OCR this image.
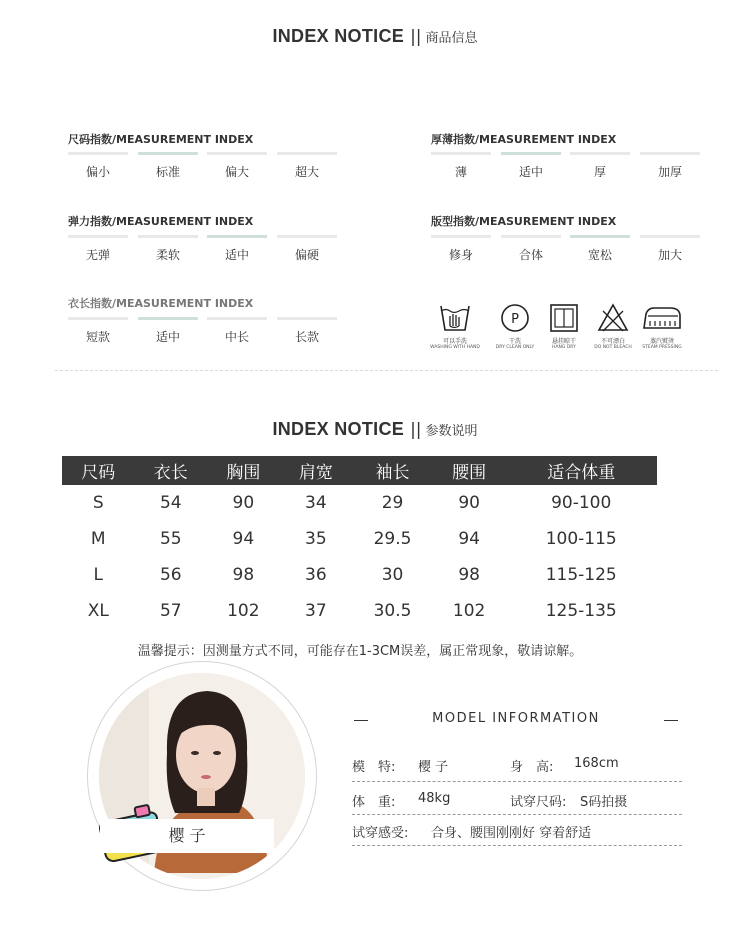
INDEX NOTICE || 商品信息
尺码指数/MEASUREMENT INDEX
偏小	标准	偏大	超大
弹力指数/MEASUREMENT INDEX
无弹	柔软	适中	偏硬
衣长指数/MEASUREMENT INDEX
短款	适中	中长	长款
厚薄指数/MEASUREMENT INDEX
薄	适中	厚	加厚
版型指数/MEASUREMENT INDEX
修身	合体	宽松	加大
可以手洗
WASHING WITH HAND
P
干洗
DRY CLEAN ONLY
悬挂晾干
HANG DRY
不可漂白
DO NOT BLEACH
蒸汽熨烫
STEAM PRESSING
INDEX NOTICE || 参数说明
尺码	衣长	胸围	肩宽	袖长	腰围	适合体重
S	54	90	34	29	90	90-100
M	55	94	35	29.5	94	100-115
L	56	98	36	30	98	115-125
XL	57	102	37	30.5	102	125-135
温馨提示：因测量方式不同，可能存在1-3CM误差，属正常现象，敬请谅解。
樱 子
MODEL INFORMATION
模　特: 樱 子	身　高: 168cm
体　重: 48kg	试穿尺码: S码拍摄
试穿感受: 合身、腰围刚刚好 穿着舒适
